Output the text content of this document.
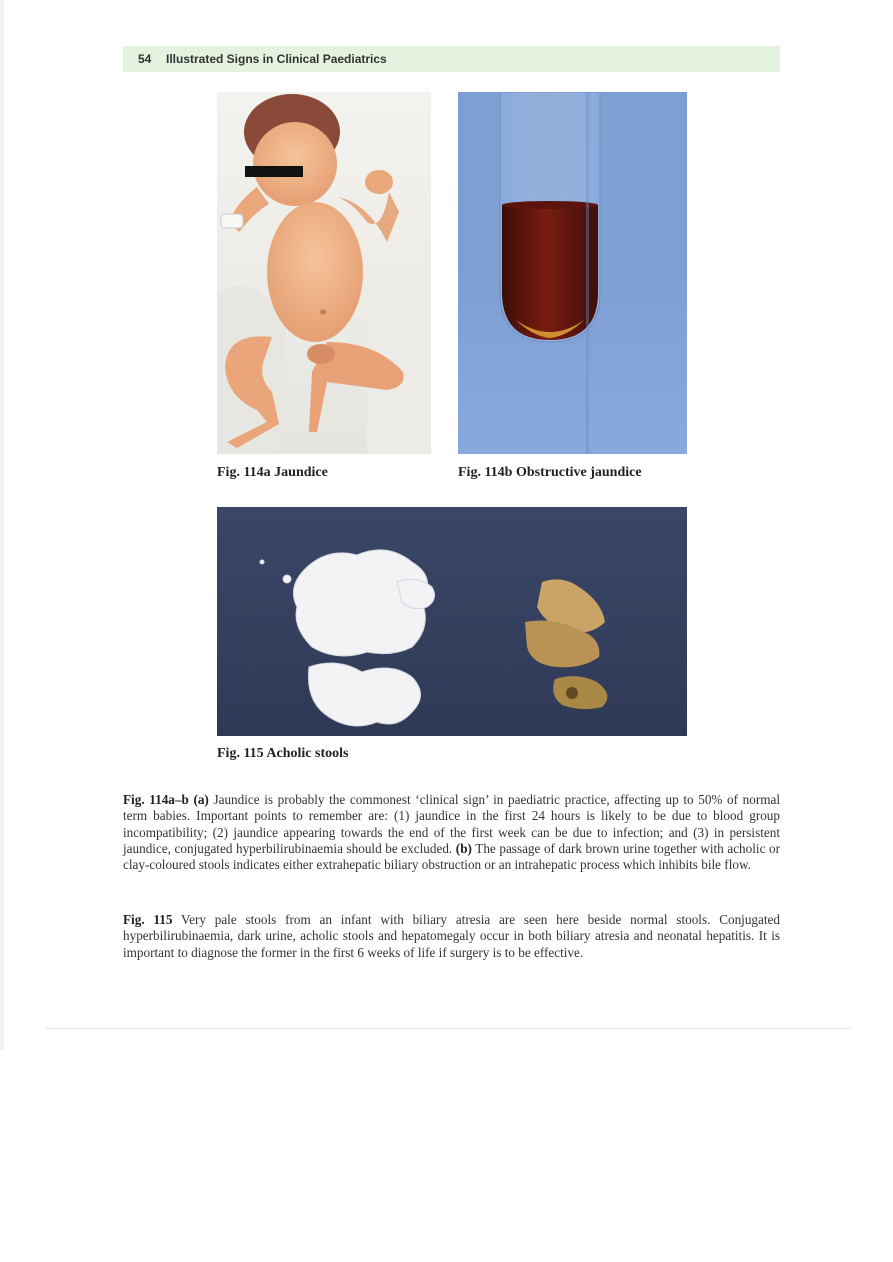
54 Illustrated Signs in Clinical Paediatrics
Fig. 114a Jaundice	Fig. 114b Obstructive jaundice
Fig. 115 Acholic stools

Fig. 114a–b (a) Jaundice is probably the commonest ‘clinical sign’ in paediatric practice, affecting up to 50% of normal term babies. Important points to remember are: (1) jaundice in the first 24 hours is likely to be due to blood group incompatibility; (2) jaundice appearing towards the end of the first week can be due to infection; and (3) in persistent jaundice, conjugated hyperbilirubinaemia should be excluded. (b) The passage of dark brown urine together with acholic or clay-coloured stools indicates either extrahepatic biliary obstruction or an intrahepatic process which inhibits bile flow.

Fig. 115 Very pale stools from an infant with biliary atresia are seen here beside normal stools. Conjugated hyperbilirubinaemia, dark urine, acholic stools and hepatomegaly occur in both biliary atresia and neonatal hepatitis. It is important to diagnose the former in the first 6 weeks of life if surgery is to be effective.
